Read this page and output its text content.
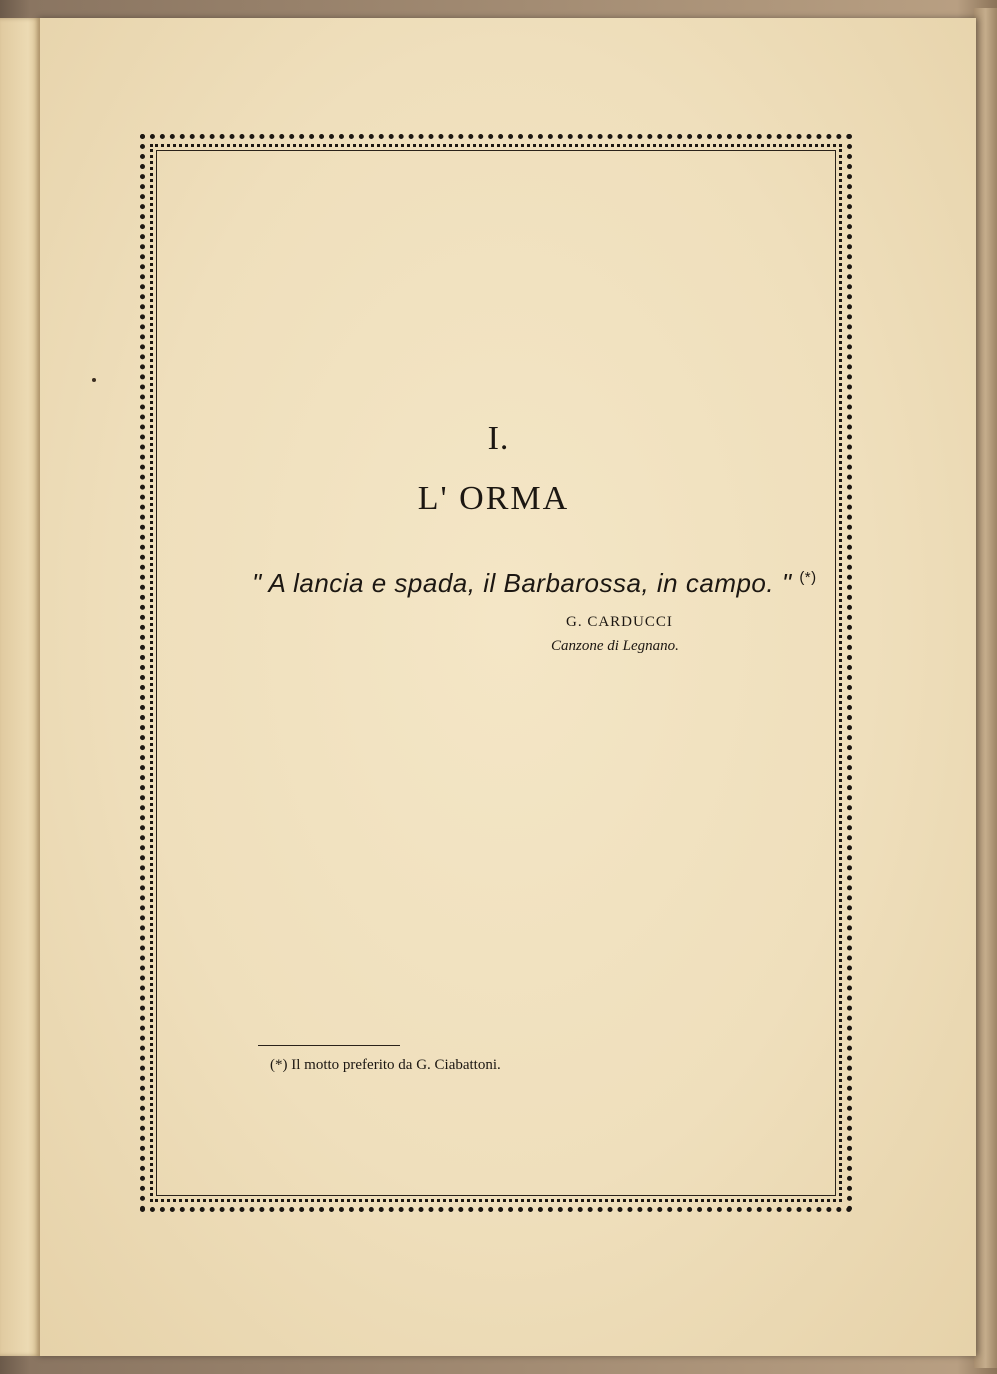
I.
L' ORMA
" A lancia e spada, il Barbarossa, in campo. " (*)
G. CARDUCCI
Canzone di Legnano.
(*) Il motto preferito da G. Ciabattoni.
